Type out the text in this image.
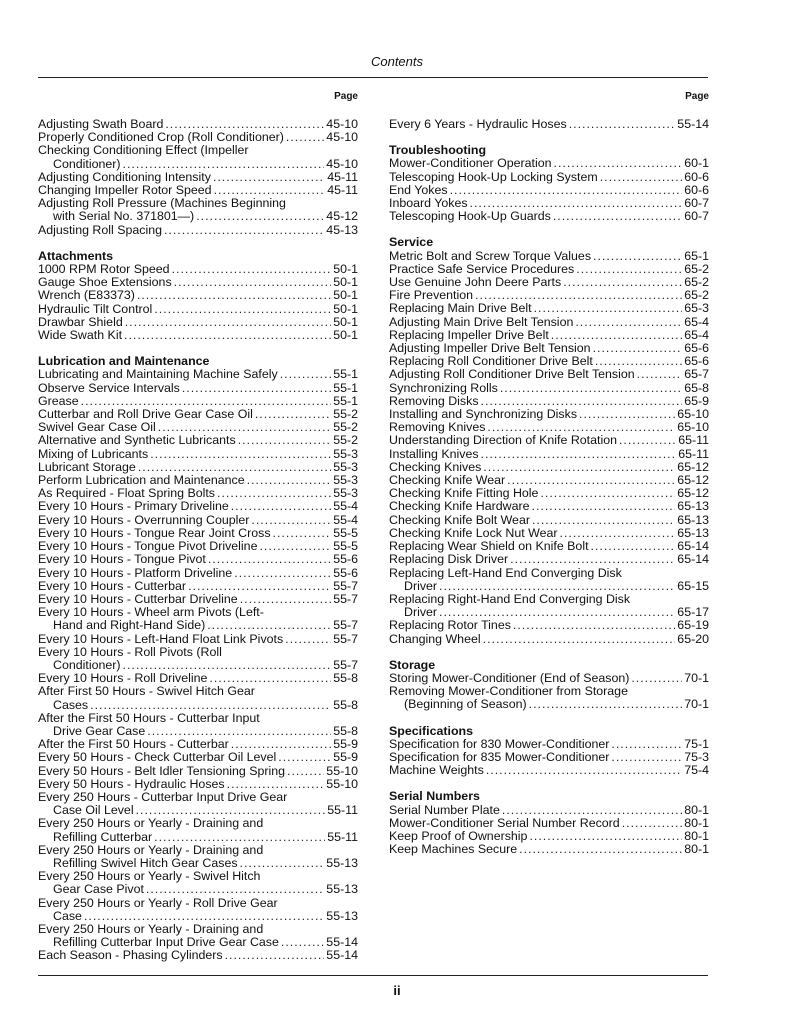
Contents
Page
Adjusting Swath Board .....	45-10
Properly Conditioned Crop (Roll Conditioner) .....	45-10
Checking Conditioning Effect (Impeller
Conditioner) .....	45-10
Adjusting Conditioning Intensity .....	45-11
Changing Impeller Rotor Speed .....	45-11
Adjusting Roll Pressure (Machines Beginning
with Serial No. 371801—) .....	45-12
Adjusting Roll Spacing .....	45-13
Attachments
1000 RPM Rotor Speed .....	50-1
Gauge Shoe Extensions .....	50-1
Wrench (E83373) .....	50-1
Hydraulic Tilt Control .....	50-1
Drawbar Shield .....	50-1
Wide Swath Kit .....	50-1
Lubrication and Maintenance
Lubricating and Maintaining Machine Safely .....	55-1
Observe Service Intervals .....	55-1
Grease .....	55-1
Cutterbar and Roll Drive Gear Case Oil .....	55-2
Swivel Gear Case Oil .....	55-2
Alternative and Synthetic Lubricants .....	55-2
Mixing of Lubricants .....	55-3
Lubricant Storage .....	55-3
Perform Lubrication and Maintenance .....	55-3
As Required - Float Spring Bolts .....	55-3
Every 10 Hours - Primary Driveline .....	55-4
Every 10 Hours - Overrunning Coupler .....	55-4
Every 10 Hours - Tongue Rear Joint Cross .....	55-5
Every 10 Hours - Tongue Pivot Driveline .....	55-5
Every 10 Hours - Tongue Pivot .....	55-6
Every 10 Hours - Platform Driveline .....	55-6
Every 10 Hours - Cutterbar .....	55-7
Every 10 Hours - Cutterbar Driveline .....	55-7
Every 10 Hours - Wheel arm Pivots (Left-
Hand and Right-Hand Side) .....	55-7
Every 10 Hours - Left-Hand Float Link Pivots .....	55-7
Every 10 Hours - Roll Pivots (Roll
Conditioner) .....	55-7
Every 10 Hours - Roll Driveline .....	55-8
After First 50 Hours - Swivel Hitch Gear
Cases .....	55-8
After the First 50 Hours - Cutterbar Input
Drive Gear Case .....	55-8
After the First 50 Hours - Cutterbar .....	55-9
Every 50 Hours - Check Cutterbar Oil Level .....	55-9
Every 50 Hours - Belt Idler Tensioning Spring .....	55-10
Every 50 Hours - Hydraulic Hoses .....	55-10
Every 250 Hours - Cutterbar Input Drive Gear
Case Oil Level .....	55-11
Every 250 Hours or Yearly - Draining and
Refilling Cutterbar .....	55-11
Every 250 Hours or Yearly - Draining and
Refilling Swivel Hitch Gear Cases .....	55-13
Every 250 Hours or Yearly - Swivel Hitch
Gear Case Pivot .....	55-13
Every 250 Hours or Yearly - Roll Drive Gear
Case .....	55-13
Every 250 Hours or Yearly - Draining and
Refilling Cutterbar Input Drive Gear Case .....	55-14
Each Season - Phasing Cylinders .....	55-14
Page
Every 6 Years - Hydraulic Hoses .....	55-14
Troubleshooting
Mower-Conditioner Operation .....	60-1
Telescoping Hook-Up Locking System .....	60-6
End Yokes .....	60-6
Inboard Yokes .....	60-7
Telescoping Hook-Up Guards .....	60-7
Service
Metric Bolt and Screw Torque Values .....	65-1
Practice Safe Service Procedures .....	65-2
Use Genuine John Deere Parts .....	65-2
Fire Prevention .....	65-2
Replacing Main Drive Belt .....	65-3
Adjusting Main Drive Belt Tension .....	65-4
Replacing Impeller Drive Belt .....	65-4
Adjusting Impeller Drive Belt Tension .....	65-6
Replacing Roll Conditioner Drive Belt .....	65-6
Adjusting Roll Conditioner Drive Belt Tension .....	65-7
Synchronizing Rolls .....	65-8
Removing Disks .....	65-9
Installing and Synchronizing Disks .....	65-10
Removing Knives .....	65-10
Understanding Direction of Knife Rotation .....	65-11
Installing Knives .....	65-11
Checking Knives .....	65-12
Checking Knife Wear .....	65-12
Checking Knife Fitting Hole .....	65-12
Checking Knife Hardware .....	65-13
Checking Knife Bolt Wear .....	65-13
Checking Knife Lock Nut Wear .....	65-13
Replacing Wear Shield on Knife Bolt .....	65-14
Replacing Disk Driver .....	65-14
Replacing Left-Hand End Converging Disk
Driver .....	65-15
Replacing Right-Hand End Converging Disk
Driver .....	65-17
Replacing Rotor Tines .....	65-19
Changing Wheel .....	65-20
Storage
Storing Mower-Conditioner (End of Season) .....	70-1
Removing Mower-Conditioner from Storage
(Beginning of Season) .....	70-1
Specifications
Specification for 830 Mower-Conditioner .....	75-1
Specification for 835 Mower-Conditioner .....	75-3
Machine Weights .....	75-4
Serial Numbers
Serial Number Plate .....	80-1
Mower-Conditioner Serial Number Record .....	80-1
Keep Proof of Ownership .....	80-1
Keep Machines Secure .....	80-1
ii
